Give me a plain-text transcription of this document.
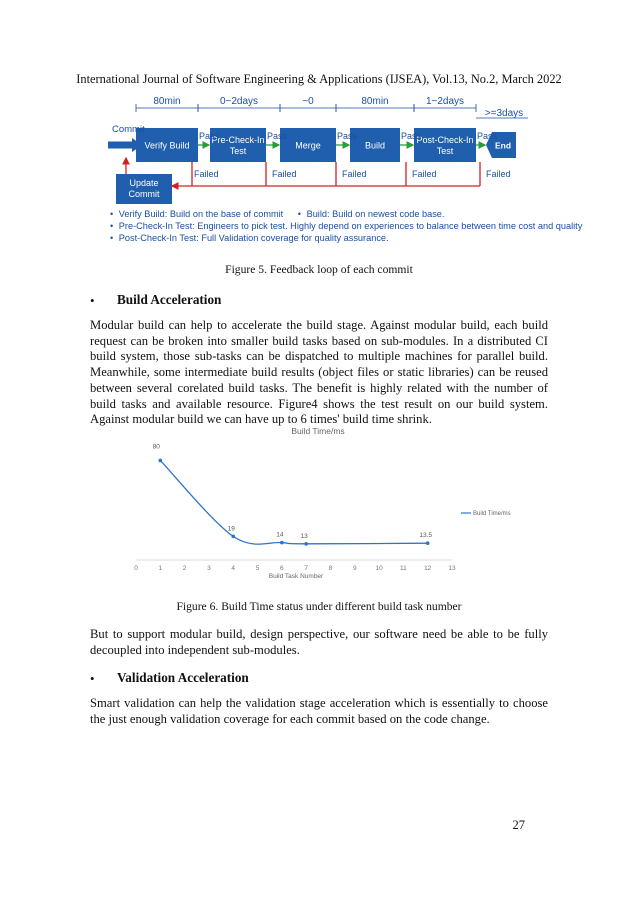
International Journal of Software Engineering & Applications (IJSEA), Vol.13, No.2, March 2022
80min	0~2days	~0	80min	1~2days
>=3days
Commit
Verify Build
Pre-Check-In
Test
Merge	Build
Post-Check-In
Test
End
Pass	Pass	Pass	Pass	Pass
Failed	Failed	Failed	Failed	Failed
Update
Commit
• Verify Build: Build on the base of commit • Build: Build on newest code base.
• Pre-Check-In Test: Engineers to pick test. Highly depend on experiences to balance between time cost and quality
• Post-Check-In Test: Full Validation coverage for quality assurance.
Figure 5. Feedback loop of each commit
• Build Acceleration
Modular build can help to accelerate the build stage. Against modular build, each build request can be broken into smaller build tasks based on sub-modules. In a distributed CI build system, those sub-tasks can be dispatched to multiple machines for parallel build. Meanwhile, some intermediate build results (object files or static libraries) can be reused between several corelated build tasks. The benefit is highly related with the number of build tasks and available resource. Figure4 shows the test result on our build system. Against modular build we can have up to 6 times' build time shrink.
Build Time/ms
0	1	2	3	4	5	6	7	8	9	10	11	12	13
80
19
14	13	13.5
Build Task Number
Build Time/ms
Figure 6. Build Time status under different build task number
But to support modular build, design perspective, our software need be able to be fully decoupled into independent sub-modules.
• Validation Acceleration
Smart validation can help the validation stage acceleration which is essentially to choose the just enough validation coverage for each commit based on the code change.
27
